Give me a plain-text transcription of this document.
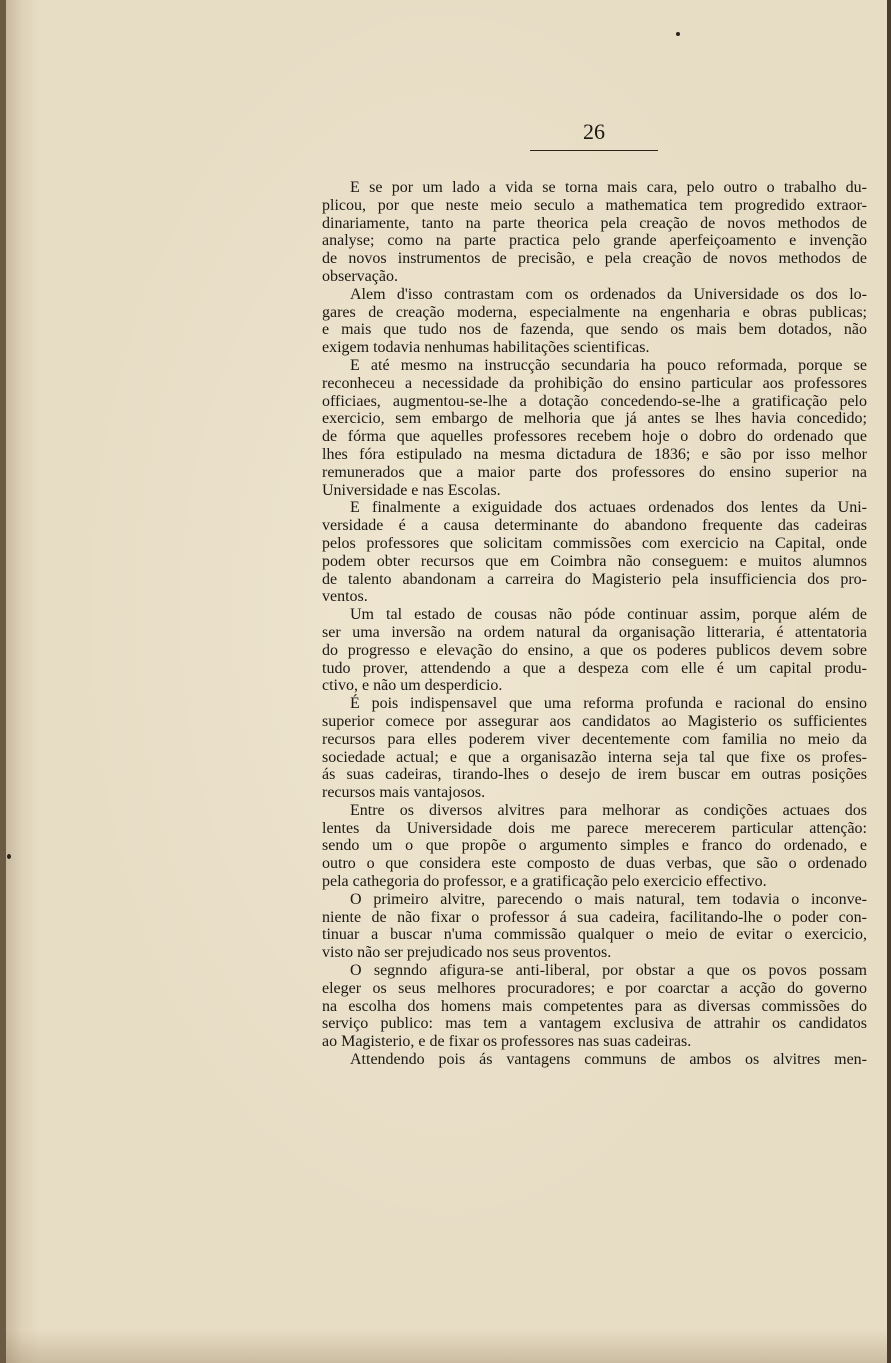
26
E se por um lado a vida se torna mais cara, pelo outro o trabalho du-
plicou, por que neste meio seculo a mathematica tem progredido extraor-
dinariamente, tanto na parte theorica pela creação de novos methodos de
analyse; como na parte practica pelo grande aperfeiçoamento e invenção
de novos instrumentos de precisão, e pela creação de novos methodos de
observação.
Alem d'isso contrastam com os ordenados da Universidade os dos lo-
gares de creação moderna, especialmente na engenharia e obras publicas;
e mais que tudo nos de fazenda, que sendo os mais bem dotados, não
exigem todavia nenhumas habilitações scientificas.
E até mesmo na instrucção secundaria ha pouco reformada, porque se
reconheceu a necessidade da prohibição do ensino particular aos professores
officiaes, augmentou-se-lhe a dotação concedendo-se-lhe a gratificação pelo
exercicio, sem embargo de melhoria que já antes se lhes havia concedido;
de fórma que aquelles professores recebem hoje o dobro do ordenado que
lhes fóra estipulado na mesma dictadura de 1836; e são por isso melhor
remunerados que a maior parte dos professores do ensino superior na
Universidade e nas Escolas.
E finalmente a exiguidade dos actuaes ordenados dos lentes da Uni-
versidade é a causa determinante do abandono frequente das cadeiras
pelos professores que solicitam commissões com exercicio na Capital, onde
podem obter recursos que em Coimbra não conseguem: e muitos alumnos
de talento abandonam a carreira do Magisterio pela insufficiencia dos pro-
ventos.
Um tal estado de cousas não póde continuar assim, porque além de
ser uma inversão na ordem natural da organisação litteraria, é attentatoria
do progresso e elevação do ensino, a que os poderes publicos devem sobre
tudo prover, attendendo a que a despeza com elle é um capital produ-
ctivo, e não um desperdicio.
É pois indispensavel que uma reforma profunda e racional do ensino
superior comece por assegurar aos candidatos ao Magisterio os sufficientes
recursos para elles poderem viver decentemente com familia no meio da
sociedade actual; e que a organisazão interna seja tal que fixe os profes-
ás suas cadeiras, tirando-lhes o desejo de irem buscar em outras posições
recursos mais vantajosos.
Entre os diversos alvitres para melhorar as condições actuaes dos
lentes da Universidade dois me parece merecerem particular attenção:
sendo um o que propõe o argumento simples e franco do ordenado, e
outro o que considera este composto de duas verbas, que são o ordenado
pela cathegoria do professor, e a gratificação pelo exercicio effectivo.
O primeiro alvitre, parecendo o mais natural, tem todavia o inconve-
niente de não fixar o professor á sua cadeira, facilitando-lhe o poder con-
tinuar a buscar n'uma commissão qualquer o meio de evitar o exercicio,
visto não ser prejudicado nos seus proventos.
O segnndo afigura-se anti-liberal, por obstar a que os povos possam
eleger os seus melhores procuradores; e por coarctar a acção do governo
na escolha dos homens mais competentes para as diversas commissões do
serviço publico: mas tem a vantagem exclusiva de attrahir os candidatos
ao Magisterio, e de fixar os professores nas suas cadeiras.
Attendendo pois ás vantagens communs de ambos os alvitres men-
